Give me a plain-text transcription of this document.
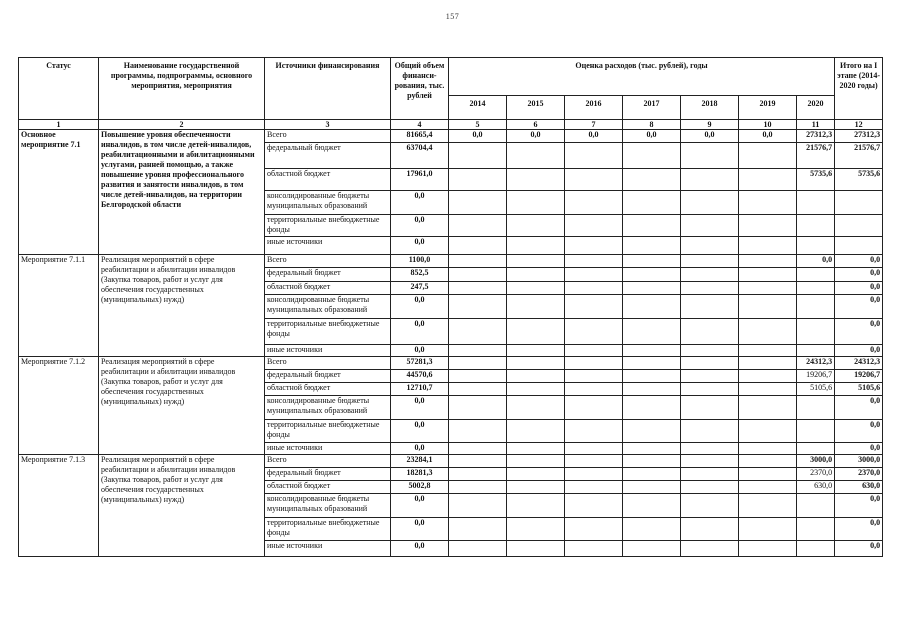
157
Статус	Наименование государственной программы, подпрограммы, основного мероприятия, мероприятия	Источники финансирования	Общий объем финанси-рования, тыс. рублей	Оценка расходов (тыс. рублей), годы							Итого на I этапе (2014-2020 годы)
				2014	2015	2016	2017	2018	2019	2020	
1	2	3	4	5	6	7	8	9	10	11	12
Основное мероприятие 7.1	Повышение уровня обеспеченности инвалидов, в том числе детей-инвалидов, реабилитационными и абилитационными услугами, ранней помощью, а также повышение уровня профессионального развития и занятости инвалидов, в том числе детей-инвалидов, на территории Белгородской области	Всего	81665,4	0,0	0,0	0,0	0,0	0,0	0,0	27312,3	27312,3
		федеральный бюджет	63704,4							21576,7	21576,7
		областной бюджет	17961,0							5735,6	5735,6
		консолидированные бюджеты муниципальных образований	0,0								
		территориальные внебюджетные фонды	0,0								
		иные источники	0,0								
Мероприятие 7.1.1	Реализация мероприятий в сфере реабилитации и абилитации инвалидов (Закупка товаров, работ и услуг для обеспечения государственных (муниципальных) нужд)	Всего	1100,0							0,0	0,0
		федеральный бюджет	852,5								0,0
		областной бюджет	247,5								0,0
		консолидированные бюджеты муниципальных образований	0,0								0,0
		территориальные внебюджетные фонды	0,0								0,0
		иные источники	0,0								0,0
Мероприятие 7.1.2	Реализация мероприятий в сфере реабилитации и абилитации инвалидов (Закупка товаров, работ и услуг для обеспечения государственных (муниципальных) нужд)	Всего	57281,3							24312,3	24312,3
		федеральный бюджет	44570,6							19206,7	19206,7
		областной бюджет	12710,7							5105,6	5105,6
		консолидированные бюджеты муниципальных образований	0,0								0,0
		территориальные внебюджетные фонды	0,0								0,0
		иные источники	0,0								0,0
Мероприятие 7.1.3	Реализация мероприятий в сфере реабилитации и абилитации инвалидов (Закупка товаров, работ и услуг для обеспечения государственных (муниципальных) нужд)	Всего	23284,1							3000,0	3000,0
		федеральный бюджет	18281,3							2370,0	2370,0
		областной бюджет	5002,8							630,0	630,0
		консолидированные бюджеты муниципальных образований	0,0								0,0
		территориальные внебюджетные фонды	0,0								0,0
		иные источники	0,0								0,0
